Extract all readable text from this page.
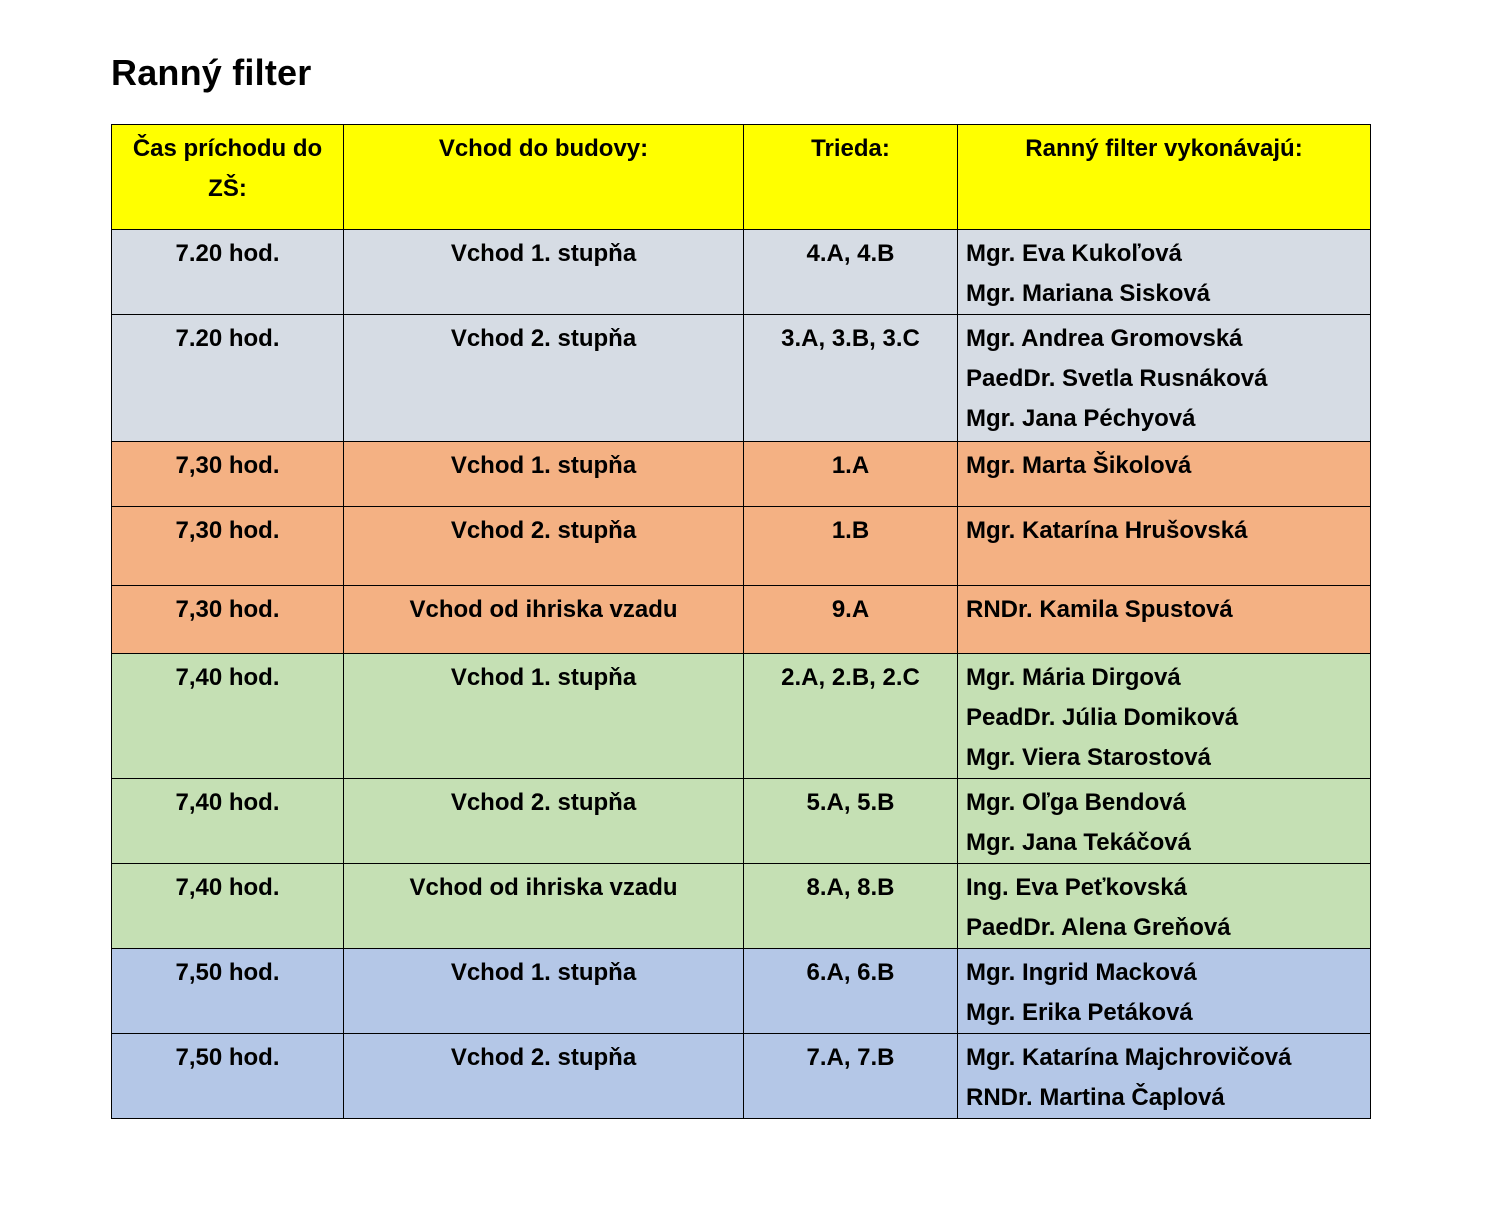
Ranný filter
Čas príchodu do ZŠ:	Vchod do budovy:	Trieda:	Ranný filter vykonávajú:
7.20 hod.	Vchod 1. stupňa	4.A, 4.B	Mgr. Eva Kukoľová
Mgr. Mariana Sisková

7.20 hod.	Vchod 2. stupňa	3.A, 3.B, 3.C	Mgr. Andrea Gromovská
PaedDr. Svetla Rusnáková
Mgr. Jana Péchyová

7,30 hod.	Vchod 1. stupňa	1.A	Mgr. Marta Šikolová

7,30 hod.	Vchod 2. stupňa	1.B	Mgr. Katarína Hrušovská

7,30 hod.	Vchod od ihriska vzadu	9.A	RNDr. Kamila Spustová

7,40 hod.	Vchod 1. stupňa	2.A, 2.B, 2.C	Mgr. Mária Dirgová
PeadDr. Júlia Domiková
Mgr. Viera Starostová

7,40 hod.	Vchod 2. stupňa	5.A, 5.B	Mgr. Oľga Bendová
Mgr. Jana Tekáčová

7,40 hod.	Vchod od ihriska vzadu	8.A, 8.B	Ing. Eva Peťkovská
PaedDr. Alena Greňová

7,50 hod.	Vchod 1. stupňa	6.A, 6.B	Mgr. Ingrid Macková
Mgr. Erika Petáková

7,50 hod.	Vchod 2. stupňa	7.A, 7.B	Mgr. Katarína Majchrovičová
RNDr. Martina Čaplová
